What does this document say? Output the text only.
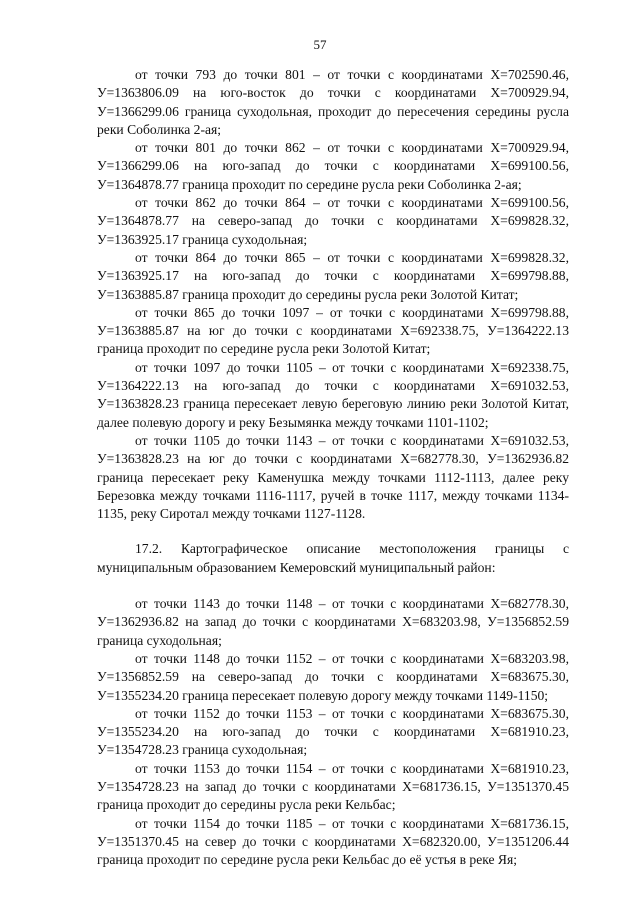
57

от точки 793 до точки 801 – от точки с координатами Х=702590.46, У=1363806.09 на юго-восток до точки с координатами Х=700929.94, У=1366299.06 граница суходольная, проходит до пересечения середины русла реки Соболинка 2-ая;

от точки 801 до точки 862 – от точки с координатами Х=700929.94, У=1366299.06 на юго-запад до точки с координатами Х=699100.56, У=1364878.77 граница проходит по середине русла реки Соболинка 2-ая;

от точки 862 до точки 864 – от точки с координатами Х=699100.56, У=1364878.77 на северо-запад до точки с координатами Х=699828.32, У=1363925.17 граница суходольная;

от точки 864 до точки 865 – от точки с координатами Х=699828.32, У=1363925.17 на юго-запад до точки с координатами Х=699798.88, У=1363885.87 граница проходит до середины русла реки Золотой Китат;

от точки 865 до точки 1097 – от точки с координатами Х=699798.88, У=1363885.87 на юг до точки с координатами Х=692338.75, У=1364222.13 граница проходит по середине русла реки Золотой Китат;

от точки 1097 до точки 1105 – от точки с координатами Х=692338.75, У=1364222.13 на юго-запад до точки с координатами Х=691032.53, У=1363828.23 граница пересекает левую береговую линию реки Золотой Китат, далее полевую дорогу и реку Безымянка между точками 1101-1102;

от точки 1105 до точки 1143 – от точки с координатами Х=691032.53, У=1363828.23 на юг до точки с координатами Х=682778.30, У=1362936.82 граница пересекает реку Каменушка между точками 1112-1113, далее реку Березовка между точками 1116-1117, ручей в точке 1117, между точками 1134-1135, реку Сиротал между точками 1127-1128.

17.2. Картографическое описание местоположения границы с муниципальным образованием Кемеровский муниципальный район:

от точки 1143 до точки 1148 – от точки с координатами Х=682778.30, У=1362936.82 на запад до точки с координатами Х=683203.98, У=1356852.59 граница суходольная;

от точки 1148 до точки 1152 – от точки с координатами Х=683203.98, У=1356852.59 на северо-запад до точки с координатами Х=683675.30, У=1355234.20 граница пересекает полевую дорогу между точками 1149-1150;

от точки 1152 до точки 1153 – от точки с координатами Х=683675.30, У=1355234.20 на юго-запад до точки с координатами Х=681910.23, У=1354728.23 граница суходольная;

от точки 1153 до точки 1154 – от точки с координатами Х=681910.23, У=1354728.23 на запад до точки с координатами Х=681736.15, У=1351370.45 граница проходит до середины русла реки Кельбас;

от точки 1154 до точки 1185 – от точки с координатами Х=681736.15, У=1351370.45 на север до точки с координатами Х=682320.00, У=1351206.44 граница проходит по середине русла реки Кельбас до её устья в реке Яя;
